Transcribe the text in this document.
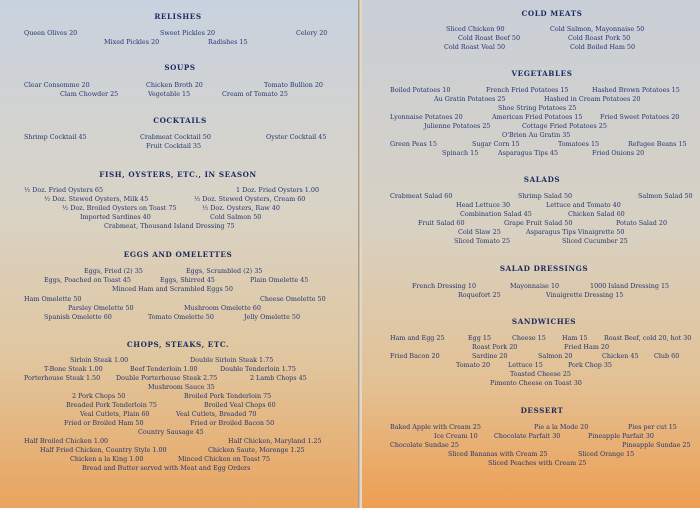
RELISHES
Queen Olives 20	Sweet Pickles 20	Celery 20
Mixed Pickles 20	Radishes 15
SOUPS
Clear Consomme 20	Chicken Broth 20	Tomato Bullion 20
Clam Chowder 25	Vegetable 15	Cream of Tomato 25
COCKTAILS
Shrimp Cocktail 45	Crabmeat Cocktail 50	Oyster Cocktail 45
Fruit Cocktail 35
FISH, OYSTERS, ETC., IN SEASON
½ Doz. Fried Oysters 65	1 Doz. Fried Oysters 1.00
½ Doz. Stewed Oysters, Milk 45	½ Doz. Stewed Oysters, Cream 60
½ Doz. Broiled Oysters on Toast 75	½ Doz. Oysters, Raw 40
Imported Sardines 40	Cold Salmon 50
Crabmeat, Thousand Island Dressing 75
EGGS AND OMELETTES
Eggs, Fried (2) 35	Eggs, Scrambled (2) 35
Eggs, Poached on Toast 45	Eggs, Shirred 45	Plain Omelette 45
Minced Ham and Scrambled Eggs 50
Ham Omelette 50	Cheese Omelette 50
Parsley Omelette 50	Mushroom Omelette 60
Spanish Omelette 60	Tomato Omelette 50	Jelly Omelette 50
CHOPS, STEAKS, ETC.
Sirloin Steak 1.00	Double Sirloin Steak 1.75
T-Bone Steak 1.00	Beef Tenderloin 1.00	Double Tenderloin 1.75
Porterhouse Steak 1.50 Double Porterhouse Steak 2.75	2 Lamb Chops 45
Mushroom Sauce 35
2 Pork Chops 50	Broiled Pork Tenderloin 75
Breaded Pork Tenderloin 75	Broiled Veal Chops 60
Veal Cutlets, Plain 60	Veal Cutlets, Breaded 70
Fried or Broiled Ham 50	Fried or Broiled Bacon 50
Country Sausage 45
Half Broiled Chicken 1.00	Half Chicken, Maryland 1.25
Half Fried Chicken, Country Style 1.00	Chicken Saute, Morenge 1.25
Chicken a la King 1.00	Minced Chicken on Toast 75
Bread and Butter served with Meat and Egg Orders
COLD MEATS
Sliced Chicken 90	Cold Salmon, Mayonnaise 50
Cold Roast Beef 50	Cold Roast Pork 50
Cold Roast Veal 50	Cold Boiled Ham 50
VEGETABLES
Boiled Potatoes 10	French Fried Potatoes 15	Hashed Brown Potatoes 15
Au Gratin Potatoes 25	Hashed in Cream Potatoes 20
Shoe String Potatoes 25
Lyonnaise Potatoes 20	American Fried Potatoes 15	Fried Sweet Potatoes 20
Julienne Potatoes 25	Cottage Fried Potatoes 25
O'Brien Au Gratin 35
Green Peas 15	Sugar Corn 15	Tomatoes 15	Refugee Beans 15
Spinach 15	Asparagus Tips 45	Fried Onions 20
SALADS
Crabmeat Salad 60	Shrimp Salad 50	Salmon Salad 50
Head Lettuce 30	Lettuce and Tomato 40
Combination Salad 45	Chicken Salad 60
Fruit Salad 60	Grape Fruit Salad 50	Potato Salad 20
Cold Slaw 25	Asparagus Tips Vinaigrette 50
Sliced Tomato 25	Sliced Cucumber 25
SALAD DRESSINGS
French Dressing 10	Mayonnaise 10	1000 Island Dressing 15
Roquefort 25	Vinaigrette Dressing 15
SANDWICHES
Ham and Egg 25	Egg 15	Cheese 15	Ham 15	Roast Beef, cold 20, hot 30
Roast Pork 20	Fried Ham 20
Fried Bacon 20	Sardine 20	Salmon 20	Chicken 45 Club 60
Tomato 20	Lettuce 15	Pork Chop 35
Toasted Cheese 25
Pimento Cheese on Toast 30
DESSERT
Baked Apple with Cream 25	Pie a la Mode 20	Pies per cut 15
Ice Cream 10	Chocolate Parfait 30	Pineapple Parfait 30
Chocolate Sundae 25	Pineapple Sundae 25
Sliced Bananas with Cream 25	Sliced Orange 15
Sliced Peaches with Cream 25
